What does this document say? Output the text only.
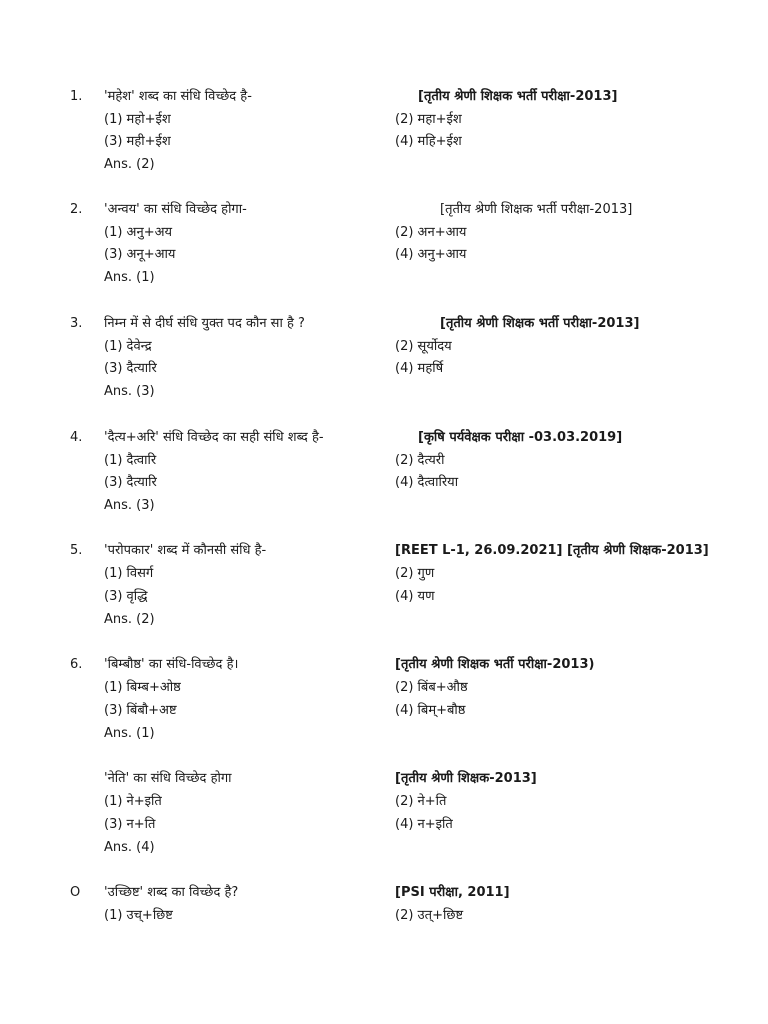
1. 'महेश' शब्द का संधि विच्छेद है-	[तृतीय श्रेणी शिक्षक भर्ती परीक्षा-2013]
(1) महो+ईश	(2) महा+ईश
(3) मही+ईश	(4) महि+ईश
Ans. (2)
2. 'अन्वय' का संधि विच्छेद होगा-	[तृतीय श्रेणी शिक्षक भर्ती परीक्षा-2013]
(1) अनु+अय	(2) अन+आय
(3) अनू+आय	(4) अनु+आय
Ans. (1)
3. निम्न में से दीर्घ संधि युक्त पद कौन सा है ?	[तृतीय श्रेणी शिक्षक भर्ती परीक्षा-2013]
(1) देवेन्द्र	(2) सूर्योदय
(3) दैत्यारि	(4) महर्षि
Ans. (3)
4. 'दैत्य+अरि' संधि विच्छेद का सही संधि शब्द है-	[कृषि पर्यवेक्षक परीक्षा -03.03.2019]
(1) दैत्वारि	(2) दैत्यरी
(3) दैत्यारि	(4) दैत्वारिया
Ans. (3)
5. 'परोपकार' शब्द में कौनसी संधि है-	[REET L-1, 26.09.2021] [तृतीय श्रेणी शिक्षक-2013]
(1) विसर्ग	(2) गुण
(3) वृद्धि	(4) यण
Ans. (2)
6. 'बिम्बौष्ठ' का संधि-विच्छेद है।	[तृतीय श्रेणी शिक्षक भर्ती परीक्षा-2013)
(1) बिम्ब+ओष्ठ	(2) बिंब+औष्ठ
(3) बिंबौ+अष्ट	(4) बिम्+बौष्ठ
Ans. (1)
'नेति' का संधि विच्छेद होगा	[तृतीय श्रेणी शिक्षक-2013]
(1) ने+इति	(2) ने+ति
(3) न+ति	(4) न+इति
Ans. (4)
O 'उच्छिष्ट' शब्द का विच्छेद है?	[PSI परीक्षा, 2011]
(1) उच्+छिष्ट	(2) उत्+छिष्ट
